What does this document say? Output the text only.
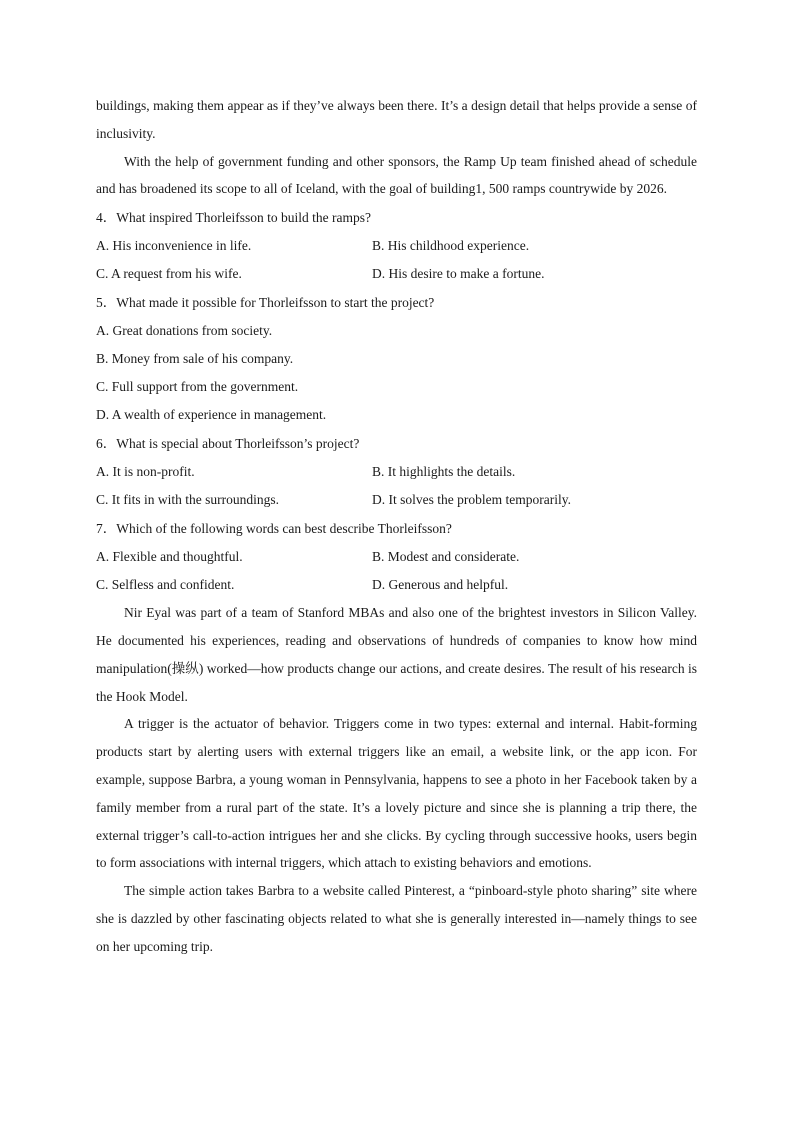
buildings, making them appear as if they’ve always been there. It’s a design detail that helps provide a sense of inclusivity.

With the help of government funding and other sponsors, the Ramp Up team finished ahead of schedule and has broadened its scope to all of Iceland, with the goal of building1, 500 ramps countrywide by 2026.

4．What inspired Thorleifsson to build the ramps?

A. His inconvenience in life.	B. His childhood experience.
C. A request from his wife.	D. His desire to make a fortune.

5．What made it possible for Thorleifsson to start the project?

A. Great donations from society.
B. Money from sale of his company.
C. Full support from the government.
D. A wealth of experience in management.

6．What is special about Thorleifsson’s project?

A. It is non-profit.	B. It highlights the details.
C. It fits in with the surroundings.	D. It solves the problem temporarily.

7．Which of the following words can best describe Thorleifsson?

A. Flexible and thoughtful.	B. Modest and considerate.
C. Selfless and confident.	D. Generous and helpful.

Nir Eyal was part of a team of Stanford MBAs and also one of the brightest investors in Silicon Valley. He documented his experiences, reading and observations of hundreds of companies to know how mind manipulation(操纵) worked—how products change our actions, and create desires. The result of his research is the Hook Model.

A trigger is the actuator of behavior. Triggers come in two types: external and internal. Habit-forming products start by alerting users with external triggers like an email, a website link, or the app icon. For example, suppose Barbra, a young woman in Pennsylvania, happens to see a photo in her Facebook taken by a family member from a rural part of the state. It’s a lovely picture and since she is planning a trip there, the external trigger’s call-to-action intrigues her and she clicks. By cycling through successive hooks, users begin to form associations with internal triggers, which attach to existing behaviors and emotions.

The simple action takes Barbra to a website called Pinterest, a “pinboard-style photo sharing” site where she is dazzled by other fascinating objects related to what she is generally interested in—namely things to see on her upcoming trip.
